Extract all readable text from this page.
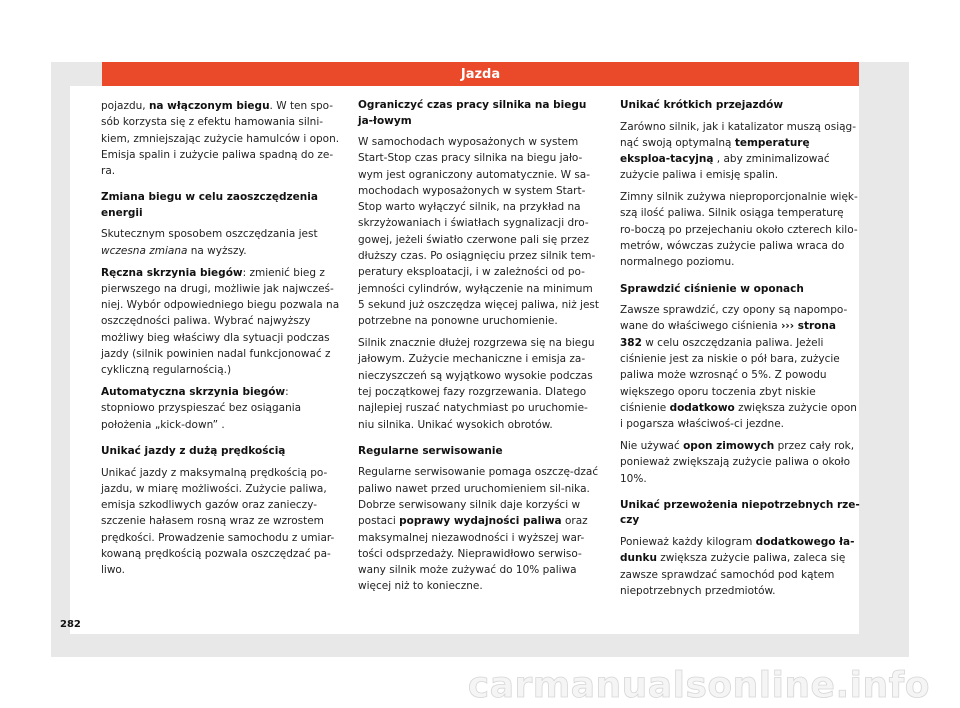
Jazda

pojazdu, na włączonym biegu. W ten spo-sób korzysta się z efektu hamowania silni-kiem, zmniejszając zużycie hamulców i opon. Emisja spalin i zużycie paliwa spadną do ze-ra.

Zmiana biegu w celu zaoszczędzenia energii

Skutecznym sposobem oszczędzania jest wczesna zmiana na wyższy.

Ręczna skrzynia biegów: zmienić bieg z pierwszego na drugi, możliwie jak najwcześ-niej. Wybór odpowiedniego biegu pozwala na oszczędności paliwa. Wybrać najwyższy możliwy bieg właściwy dla sytuacji podczas jazdy (silnik powinien nadal funkcjonować z cykliczną regularnością.)

Automatyczna skrzynia biegów: stopniowo przyspieszać bez osiągania położenia „kick-down” .

Unikać jazdy z dużą prędkością

Unikać jazdy z maksymalną prędkością po-jazdu, w miarę możliwości. Zużycie paliwa, emisja szkodliwych gazów oraz zanieczy-szczenie hałasem rosną wraz ze wzrostem prędkości. Prowadzenie samochodu z umiar-kowaną prędkością pozwala oszczędzać pa-liwo.

Ograniczyć czas pracy silnika na biegu ja-łowym

W samochodach wyposażonych w system Start-Stop czas pracy silnika na biegu jało-wym jest ograniczony automatycznie. W sa-mochodach wyposażonych w system Start-Stop warto wyłączyć silnik, na przykład na skrzyżowaniach i światłach sygnalizacji dro-gowej, jeżeli światło czerwone pali się przez dłuższy czas. Po osiągnięciu przez silnik tem-peratury eksploatacji, i w zależności od po-jemności cylindrów, wyłączenie na minimum 5 sekund już oszczędza więcej paliwa, niż jest potrzebne na ponowne uruchomienie.

Silnik znacznie dłużej rozgrzewa się na biegu jałowym. Zużycie mechaniczne i emisja za-nieczyszczeń są wyjątkowo wysokie podczas tej początkowej fazy rozgrzewania. Dlatego najlepiej ruszać natychmiast po uruchomie-niu silnika. Unikać wysokich obrotów.

Regularne serwisowanie

Regularne serwisowanie pomaga oszczę-dzać paliwo nawet przed uruchomieniem sil-nika. Dobrze serwisowany silnik daje korzyści w postaci poprawy wydajności paliwa oraz maksymalnej niezawodności i wyższej war-tości odsprzedaży. Nieprawidłowo serwiso-wany silnik może zużywać do 10% paliwa więcej niż to konieczne.

Unikać krótkich przejazdów

Zarówno silnik, jak i katalizator muszą osiąg-nąć swoją optymalną temperaturę eksploa-tacyjną , aby zminimalizować zużycie paliwa i emisję spalin.

Zimny silnik zużywa nieproporcjonalnie więk-szą ilość paliwa. Silnik osiąga temperaturę ro-boczą po przejechaniu około czterech kilo-metrów, wówczas zużycie paliwa wraca do normalnego poziomu.

Sprawdzić ciśnienie w oponach

Zawsze sprawdzić, czy opony są napompo-wane do właściwego ciśnienia ››› strona 382 w celu oszczędzania paliwa. Jeżeli ciśnienie jest za niskie o pół bara, zużycie paliwa może wzrosnąć o 5%. Z powodu większego oporu toczenia zbyt niskie ciśnienie dodatkowo zwiększa zużycie opon i pogarsza właściwoś-ci jezdne.

Nie używać opon zimowych przez cały rok, ponieważ zwiększają zużycie paliwa o około 10%.

Unikać przewożenia niepotrzebnych rze-czy

Ponieważ każdy kilogram dodatkowego ła-dunku zwiększa zużycie paliwa, zaleca się zawsze sprawdzać samochód pod kątem niepotrzebnych przedmiotów.

282
carmanualsonline.info
